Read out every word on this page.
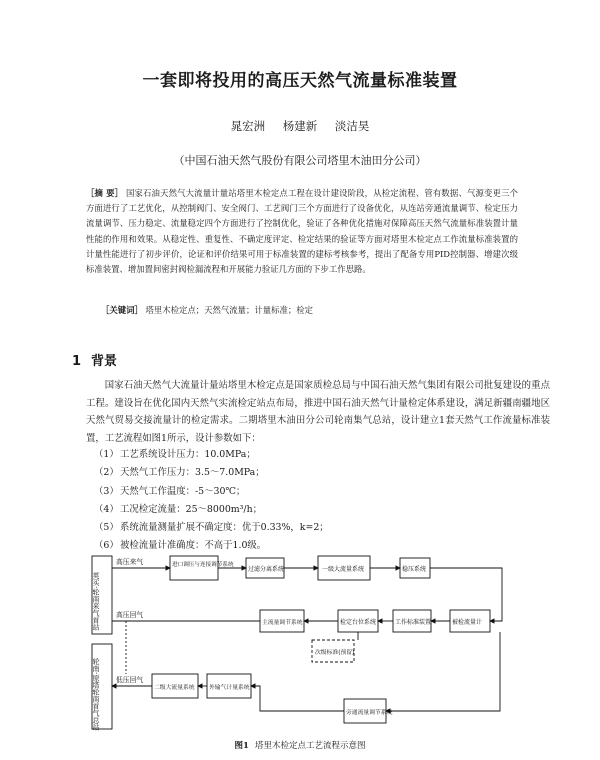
一套即将投用的高压天然气流量标准装置
晁宏洲 杨建新 淡洁昊
（中国石油天然气股份有限公司塔里木油田分公司）
［摘 要］ 国家石油天然气大流量计量站塔里木检定点工程在设计建设阶段，从检定流程、管有数据、气源变更三个方面进行了工艺优化，从控制阀门、安全阀门、工艺阀门三个方面进行了设备优化，从连站旁通流量调节、检定压力流量调节、压力稳定、流量稳定四个方面进行了控制优化，验证了各种优化措施对保障高压天然气流量标准装置计量性能的作用和效果。从稳定性、重复性、不确定度评定、检定结果的验证等方面对塔里木检定点工作流量标准装置的计量性能进行了初步评价，论证和评价结果可用于标准装置的建标考核参考，提出了配备专用PID控制器、增建次级标准装置、增加置间密封阀检漏流程和开展能力验证几方面的下步工作思路。
［关键词］ 塔里木检定点；天然气流量；计量标准；检定
1 背景
国家石油天然气大流量计量站塔里木检定点是国家质检总局与中国石油天然气集团有限公司批复建设的重点工程。建设旨在优化国内天然气实流检定站点布局，推进中国石油天然气计量检定体系建设，满足新疆南疆地区天然气贸易交接流量计的检定需求。二期塔里木油田分公司轮南集气总站，设计建立1套天然气工作流量标准装置，工艺流程如图1所示，设计参数如下：
（1）工艺系统设计压力：10.0MPa；
（2）天然气工作压力：3.5～7.0MPa；
（3）天然气工作温度：-5～30℃；
（4）工况检定流量：25～8000m³/h；
（5）系统流量测量扩展不确定度：优于0.33%，k=2；
（6）被检流量计准确度：不高于1.0级。
英买·轮南来气首站
轮南·原塔轮南首气总站
高压来气
高压回气
低压回气
进口调压与连接调节系统
过滤分离系统	一级大流量系统	稳压系统
主流量调节系统	检定台位系统	工作标准装置	被检流量计
次级标准(预留)
二级大流量系统 外输气计量系统
旁通流量调节系统
图1 塔里木检定点工艺流程示意图
